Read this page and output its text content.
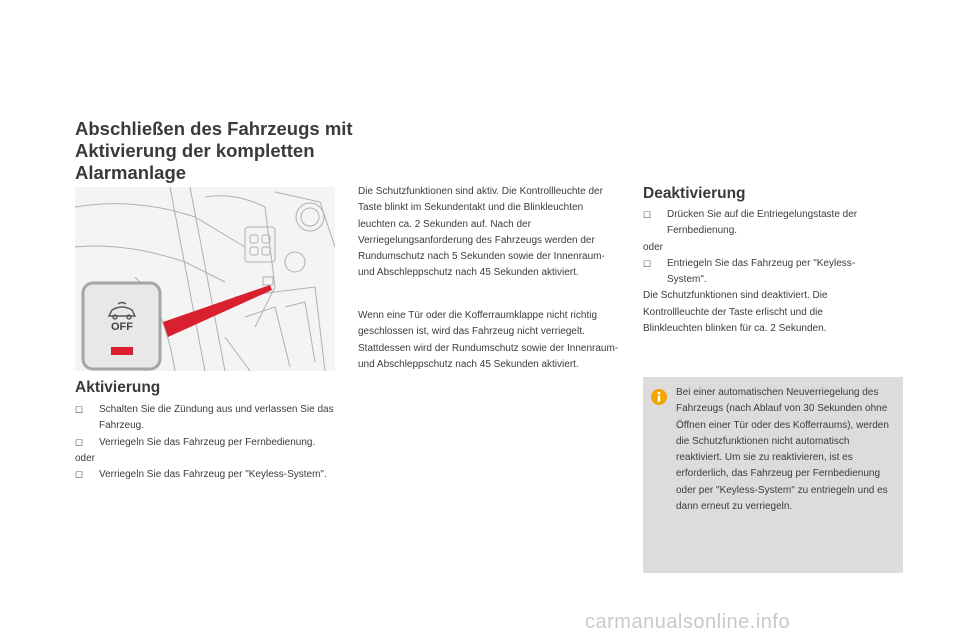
Abschließen des Fahrzeugs mit Aktivierung der kompletten Alarmanlage
OFF
Aktivierung
☐ Schalten Sie die Zündung aus und verlassen Sie das Fahrzeug.
☐ Verriegeln Sie das Fahrzeug per Fernbedienung.
oder
☐ Verriegeln Sie das Fahrzeug per "Keyless-System".
Die Schutzfunktionen sind aktiv. Die Kontrollleuchte der Taste blinkt im Sekundentakt und die Blinkleuchten leuchten ca. 2 Sekunden auf. Nach der Verriegelungsanforderung des Fahrzeugs werden der Rundumschutz nach 5 Sekunden sowie der Innenraum- und Abschleppschutz nach 45 Sekunden aktiviert.
Wenn eine Tür oder die Kofferraumklappe nicht richtig geschlossen ist, wird das Fahrzeug nicht verriegelt. Stattdessen wird der Rundumschutz sowie der Innenraum- und Abschleppschutz nach 45 Sekunden aktiviert.
Deaktivierung
☐ Drücken Sie auf die Entriegelungstaste der Fernbedienung.
oder
☐ Entriegeln Sie das Fahrzeug per "Keyless-System".
Die Schutzfunktionen sind deaktiviert. Die Kontrollleuchte der Taste erlischt und die Blinkleuchten blinken für ca. 2 Sekunden.
Bei einer automatischen Neuverriegelung des Fahrzeugs (nach Ablauf von 30 Sekunden ohne Öffnen einer Tür oder des Kofferraums), werden die Schutzfunktionen nicht automatisch reaktiviert. Um sie zu reaktivieren, ist es erforderlich, das Fahrzeug per Fernbedienung oder per "Keyless-System" zu entriegeln und es dann erneut zu verriegeln.
carmanualsonline.info
